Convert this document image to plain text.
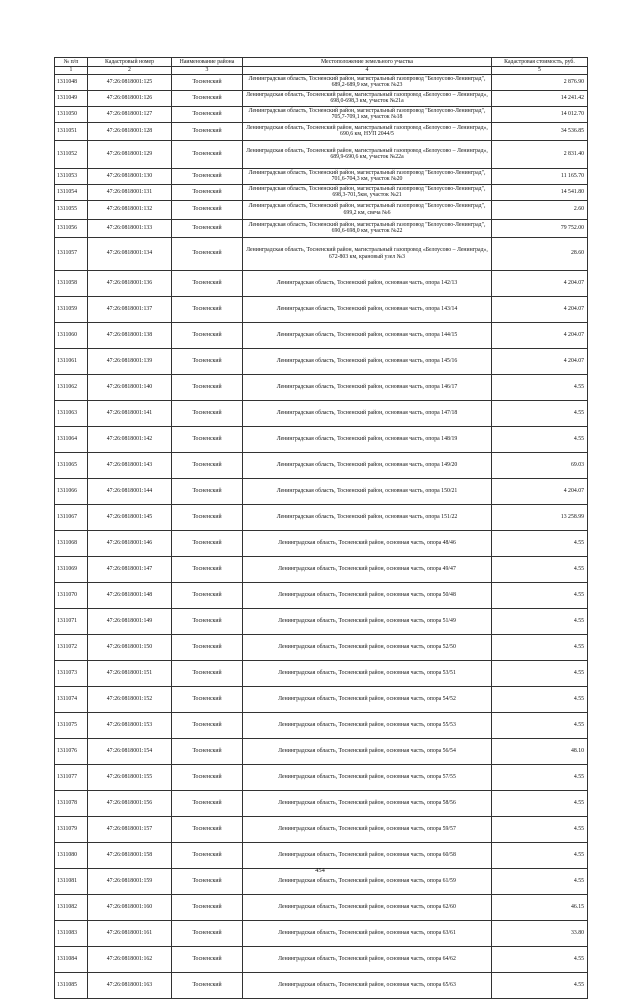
№ п/п	Кадастровый номер	Наименование района	Местоположение земельного участка	Кадастровая стоимость, руб.
1	2	3	4	5
1311048	47:26:0818001:125	Тосненский	Ленинградская область, Тосненский район, магистральный газопровод "Белоусово-Ленинград", 689,2-689,9 км, участок №23	2 876.90
1311049	47:26:0818001:126	Тосненский	Ленинградская область, Тосненский район, магистральный газопровод «Белоусово – Ленинград», 698,0-698,3 км, участок №21а	14 241.42
1311050	47:26:0818001:127	Тосненский	Ленинградская область, Тосненский район, магистральный газопровод "Белоусово-Ленинград", 705,7-709,1 км, участок №18	14 012.70
1311051	47:26:0818001:128	Тосненский	Ленинградская область, Тосненский район, магистральный газопровод «Белоусово – Ленинград», 690,6 км, НУП 2044/5	34 536.85
1311052	47:26:0818001:129	Тосненский	Ленинградская область, Тосненский район, магистральный газопровод «Белоусово – Ленинград», 689,9-690,6 км, участок №22а	2 831.40
1311053	47:26:0818001:130	Тосненский	Ленинградская область, Тосненский район, магистральный газопровод "Белоусово-Ленинград", 701,6-704,3 км, участок №20	11 165.70
1311054	47:26:0818001:131	Тосненский	Ленинградская область, Тосненский район, магистральный газопровод "Белоусово-Ленинград", 698,3-701,5км, участок №21	14 541.80
1311055	47:26:0818001:132	Тосненский	Ленинградская область, Тосненский район, магистральный газопровод "Белоусово-Ленинград", 699,2 км, свеча №6	2.60
1311056	47:26:0818001:133	Тосненский	Ленинградская область, Тосненский район, магистральный газопровод "Белоусово-Ленинград", 690,6-698,0 км, участок №22	79 752.00
1311057	47:26:0818001:134	Тосненский	Ленинградская область, Тосненский район, магистральный газопровод «Белоусово – Ленинград», 672-803 км, крановый узел №3	28.60
1311058	47:26:0818001:136	Тосненский	Ленинградская область, Тосненский район, основная часть, опора 142/13	4 204.07
1311059	47:26:0818001:137	Тосненский	Ленинградская область, Тосненский район, основная часть, опора 143/14	4 204.07
1311060	47:26:0818001:138	Тосненский	Ленинградская область, Тосненский район, основная часть, опора 144/15	4 204.07
1311061	47:26:0818001:139	Тосненский	Ленинградская область, Тосненский район, основная часть, опора 145/16	4 204.07
1311062	47:26:0818001:140	Тосненский	Ленинградская область, Тосненский район, основная часть, опора 146/17	4.55
1311063	47:26:0818001:141	Тосненский	Ленинградская область, Тосненский район, основная часть, опора 147/18	4.55
1311064	47:26:0818001:142	Тосненский	Ленинградская область, Тосненский район, основная часть, опора 148/19	4.55
1311065	47:26:0818001:143	Тосненский	Ленинградская область, Тосненский район, основная часть, опора 149/20	69.03
1311066	47:26:0818001:144	Тосненский	Ленинградская область, Тосненский район, основная часть, опора 150/21	4 204.07
1311067	47:26:0818001:145	Тосненский	Ленинградская область, Тосненский район, основная часть, опора 151/22	13 258.99
1311068	47:26:0818001:146	Тосненский	Ленинградская область, Тосненский район, основная часть, опора 48/46	4.55
1311069	47:26:0818001:147	Тосненский	Ленинградская область, Тосненский район, основная часть, опора 49/47	4.55
1311070	47:26:0818001:148	Тосненский	Ленинградская область, Тосненский район, основная часть, опора 50/48	4.55
1311071	47:26:0818001:149	Тосненский	Ленинградская область, Тосненский район, основная часть, опора 51/49	4.55
1311072	47:26:0818001:150	Тосненский	Ленинградская область, Тосненский район, основная часть, опора 52/50	4.55
1311073	47:26:0818001:151	Тосненский	Ленинградская область, Тосненский район, основная часть, опора 53/51	4.55
1311074	47:26:0818001:152	Тосненский	Ленинградская область, Тосненский район, основная часть, опора 54/52	4.55
1311075	47:26:0818001:153	Тосненский	Ленинградская область, Тосненский район, основная часть, опора 55/53	4.55
1311076	47:26:0818001:154	Тосненский	Ленинградская область, Тосненский район, основная часть, опора 56/54	48.10
1311077	47:26:0818001:155	Тосненский	Ленинградская область, Тосненский район, основная часть, опора 57/55	4.55
1311078	47:26:0818001:156	Тосненский	Ленинградская область, Тосненский район, основная часть, опора 58/56	4.55
1311079	47:26:0818001:157	Тосненский	Ленинградская область, Тосненский район, основная часть, опора 59/57	4.55
1311080	47:26:0818001:158	Тосненский	Ленинградская область, Тосненский район, основная часть, опора 60/58	4.55
1311081	47:26:0818001:159	Тосненский	Ленинградская область, Тосненский район, основная часть, опора 61/59	4.55
1311082	47:26:0818001:160	Тосненский	Ленинградская область, Тосненский район, основная часть, опора 62/60	46.15
1311083	47:26:0818001:161	Тосненский	Ленинградская область, Тосненский район, основная часть, опора 63/61	33.80
1311084	47:26:0818001:162	Тосненский	Ленинградская область, Тосненский район, основная часть, опора 64/62	4.55
1311085	47:26:0818001:163	Тосненский	Ленинградская область, Тосненский район, основная часть, опора 65/63	4.55
454
